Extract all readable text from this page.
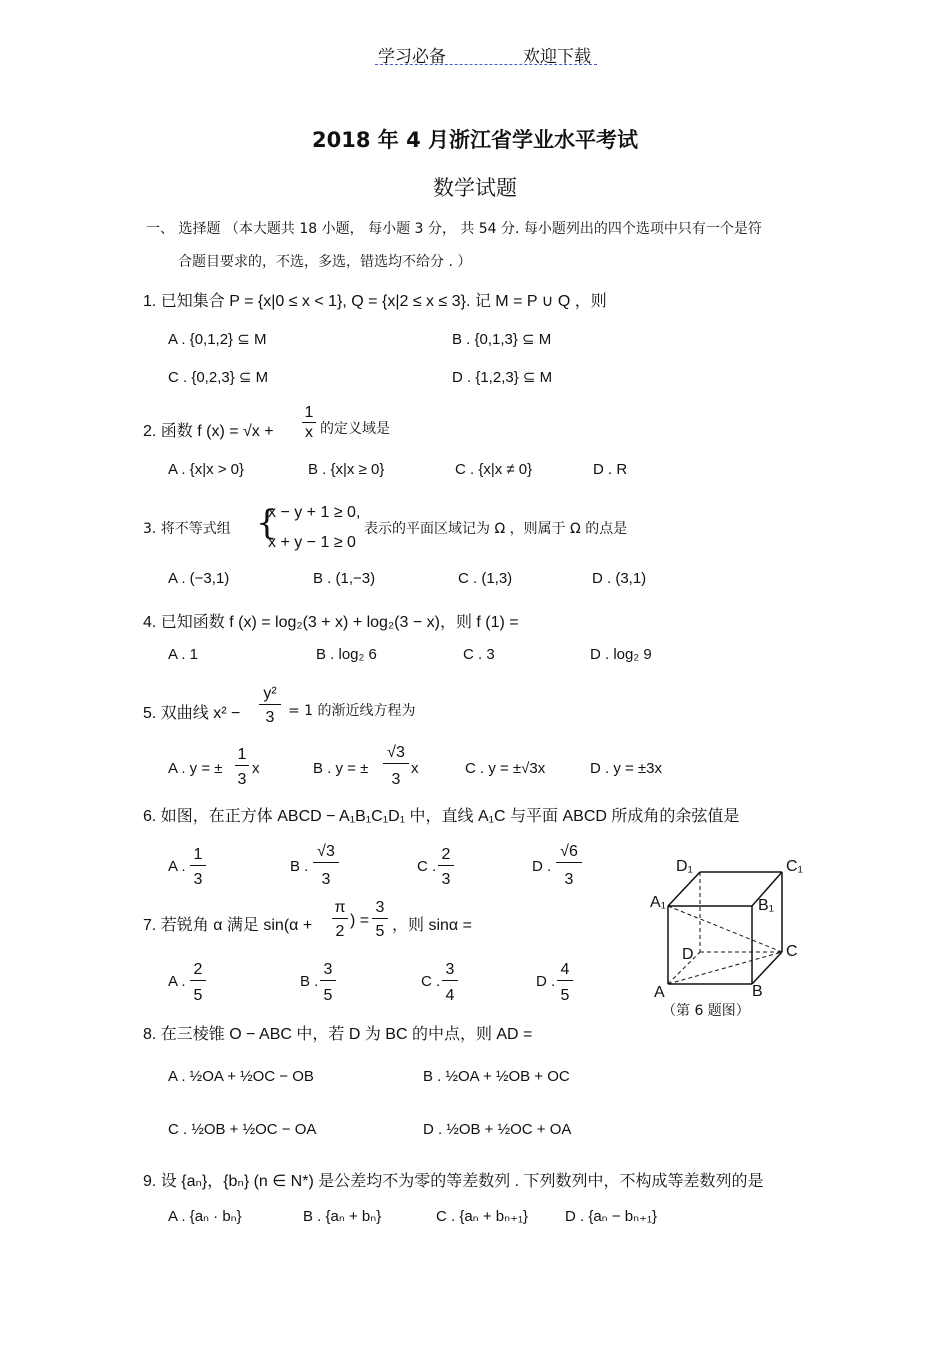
学习必备	欢迎下载
2018 年 4 月浙江省学业水平考试
数学试题
一、 选择题 （本大题共 18 小题， 每小题 3 分， 共 54 分. 每小题列出的四个选项中只有一个是符
合题目要求的，不选，多选，错选均不给分 . ）
1. 已知集合 P = {x|0 ≤ x < 1}, Q = {x|2 ≤ x ≤ 3}. 记 M = P ∪ Q ，则
A . {0,1,2} ⊆ M	B . {0,1,3} ⊆ M
C . {0,2,3} ⊆ M	D . {1,2,3} ⊆ M
2. 函数 f (x) = √x +
1
x 的定义域是
A . {x|x > 0}	B . {x|x ≥ 0}	C . {x|x ≠ 0}	D . R
3. 将不等式组 {
x − y + 1 ≥ 0,
x + y − 1 ≥ 0
表示的平面区域记为 Ω ，则属于 Ω 的点是
A . (−3,1)	B . (1,−3)	C . (1,3)	D . (3,1)
4. 已知函数 f (x) = log₂(3 + x) + log₂(3 − x)，则 f (1) =
A . 1	B . log₂ 6	C . 3	D . log₂ 9
5. 双曲线 x² −
y²
3 = 1 的渐近线方程为
A . y = ±
1
3
x	B . y = ±
√3
3
x	C . y = ±√3x	D . y = ±3x
6. 如图，在正方体 ABCD − A₁B₁C₁D₁ 中，直线 A₁C 与平面 ABCD 所成角的余弦值是
A .
1
3
B .
√3
3
C .
2
3
D .
√6
3
7. 若锐角 α 满足 sin(α +
π
2
) =
3
5 ，则 sinα =
A .
2
5
B .
3
5
C .
3
4
D .
4
5
8. 在三棱锥 O − ABC 中，若 D 为 BC 的中点，则 AD =
A . ½OA + ½OC − OB	B . ½OA + ½OB + OC
C . ½OB + ½OC − OA	D . ½OB + ½OC + OA
9. 设 {aₙ}，{bₙ} (n ∈ N*) 是公差均不为零的等差数列 . 下列数列中，不构成等差数列的是
A . {aₙ · bₙ}	B . {aₙ + bₙ}	C . {aₙ + bₙ₊₁} D . {aₙ − bₙ₊₁}
D₁	C₁
A₁	B₁
D	C
A	B
（第 6 题图）
